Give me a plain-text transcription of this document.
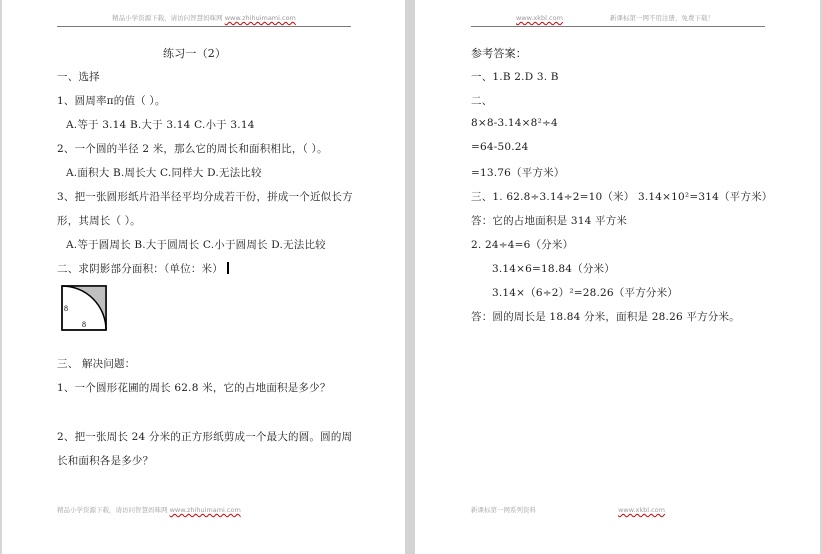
精品小学资源下载，请访问智慧妈咪网 www.zhihuimami.com
练习一（2）
一、选择
1、圆周率π的值（ ）。
A.等于 3.14 B.大于 3.14 C.小于 3.14
2、一个圆的半径 2 米，那么它的周长和面积相比，（ ）。
A.面积大 B.周长大 C.同样大 D.无法比较
3、把一张圆形纸片沿半径平均分成若干份，拼成一个近似长方
形，其周长（ ）。
A.等于圆周长 B.大于圆周长 C.小于圆周长 D.无法比较
二、求阴影部分面积：（单位：米）
8
8
三、 解决问题：
1、一个圆形花圃的周长 62.8 米，它的占地面积是多少？
2、把一张周长 24 分米的正方形纸剪成一个最大的圆。圆的周
长和面积各是多少？
精品小学资源下载，请访问智慧妈咪网 www.zhihuimami.com
www.xkbl.com	新课标第一网不用注册，免费下载！
参考答案：
一、1.B 2.D 3. B
二、
8×8-3.14×8²÷4
=64-50.24
=13.76（平方米）
三、1. 62.8÷3.14÷2=10（米） 3.14×10²=314（平方米）
答：它的占地面积是 314 平方米
2. 24÷4=6（分米）
3.14×6=18.84（分米）
3.14×（6÷2）²=28.26（平方分米）
答：圆的周长是 18.84 分米，面积是 28.26 平方分米。
新课标第一网系列资料	www.xkbl.com
